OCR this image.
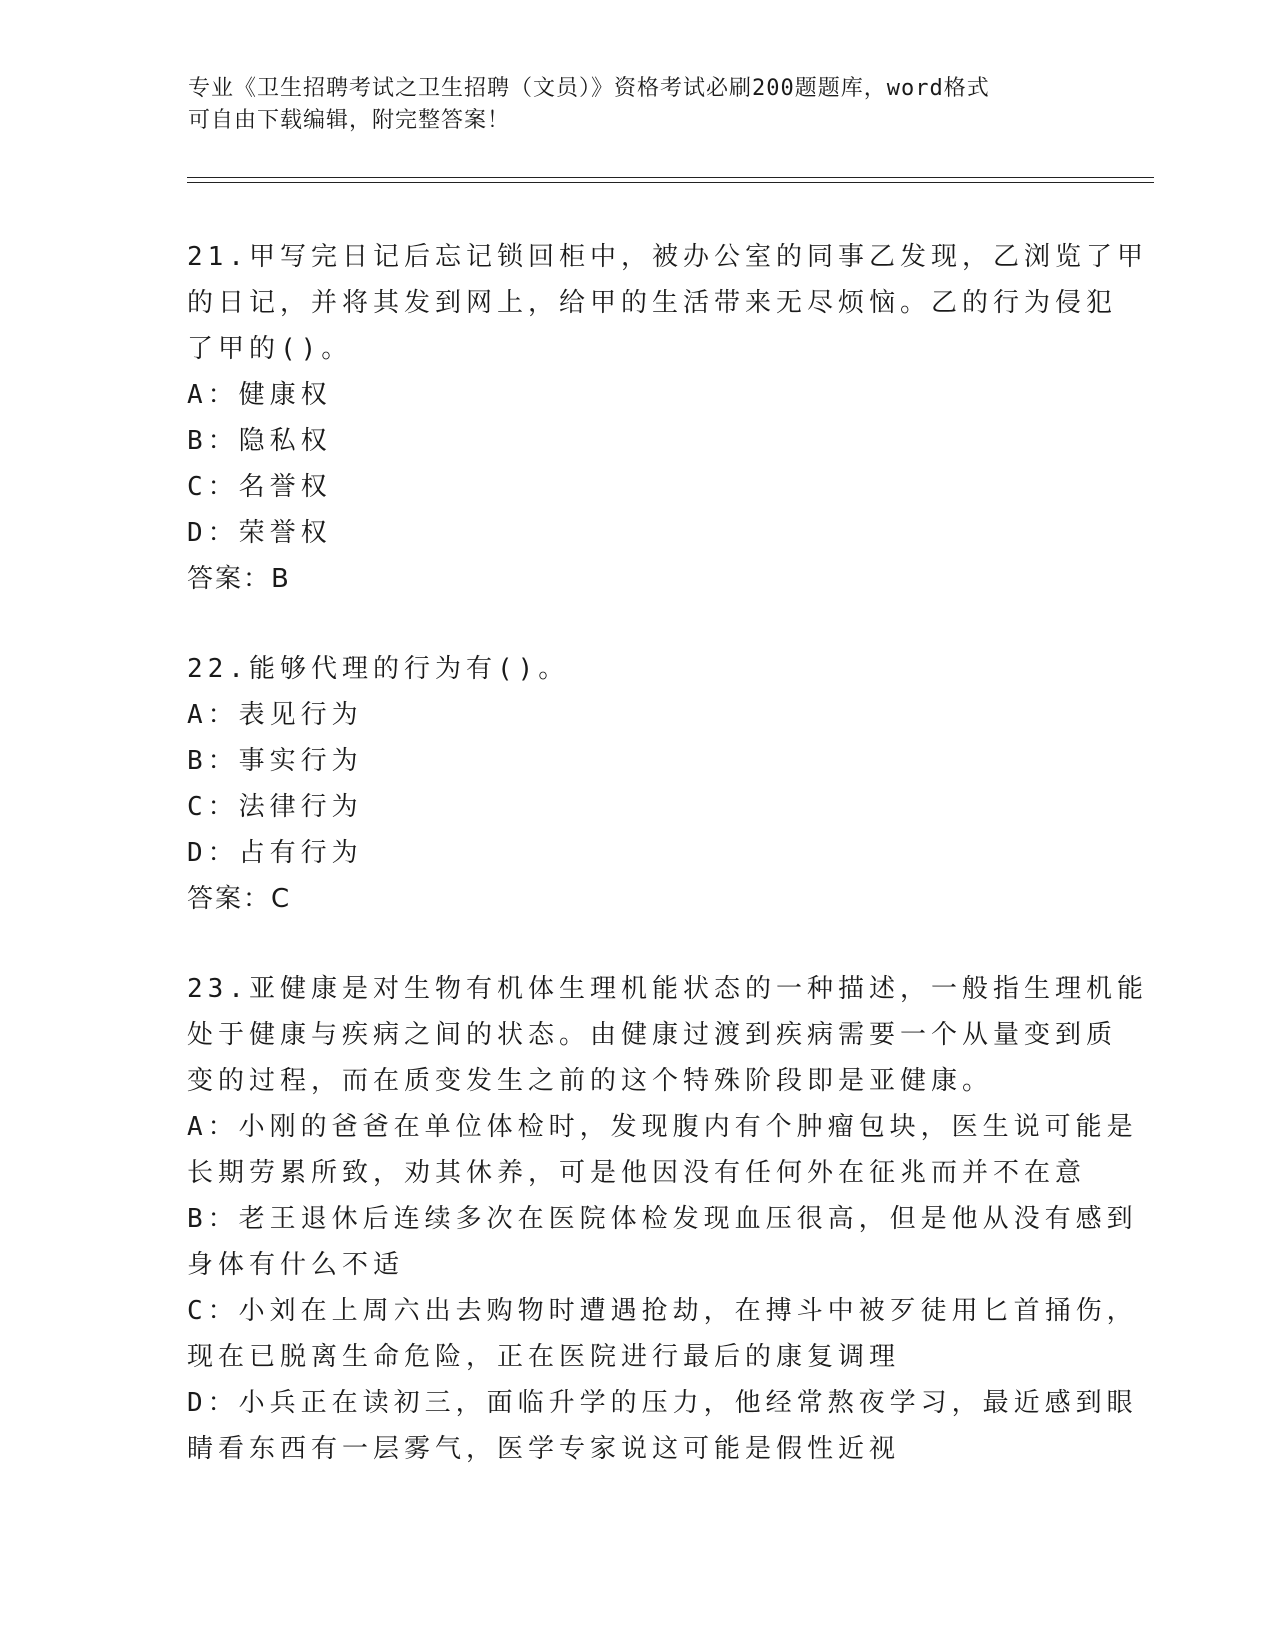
专业《卫生招聘考试之卫生招聘（文员）》资格考试必刷200题题库，word格式
可自由下载编辑，附完整答案！
21.甲写完日记后忘记锁回柜中，被办公室的同事乙发现，乙浏览了甲
的日记，并将其发到网上，给甲的生活带来无尽烦恼。乙的行为侵犯
了甲的()。
A：健康权
B：隐私权
C：名誉权
D：荣誉权
答案：B
22.能够代理的行为有()。
A：表见行为
B：事实行为
C：法律行为
D：占有行为
答案：C
23.亚健康是对生物有机体生理机能状态的一种描述，一般指生理机能
处于健康与疾病之间的状态。由健康过渡到疾病需要一个从量变到质
变的过程，而在质变发生之前的这个特殊阶段即是亚健康。
A：小刚的爸爸在单位体检时，发现腹内有个肿瘤包块，医生说可能是
长期劳累所致，劝其休养，可是他因没有任何外在征兆而并不在意
B：老王退休后连续多次在医院体检发现血压很高，但是他从没有感到
身体有什么不适
C：小刘在上周六出去购物时遭遇抢劫，在搏斗中被歹徒用匕首捅伤，
现在已脱离生命危险，正在医院进行最后的康复调理
D：小兵正在读初三，面临升学的压力，他经常熬夜学习，最近感到眼
睛看东西有一层雾气，医学专家说这可能是假性近视
